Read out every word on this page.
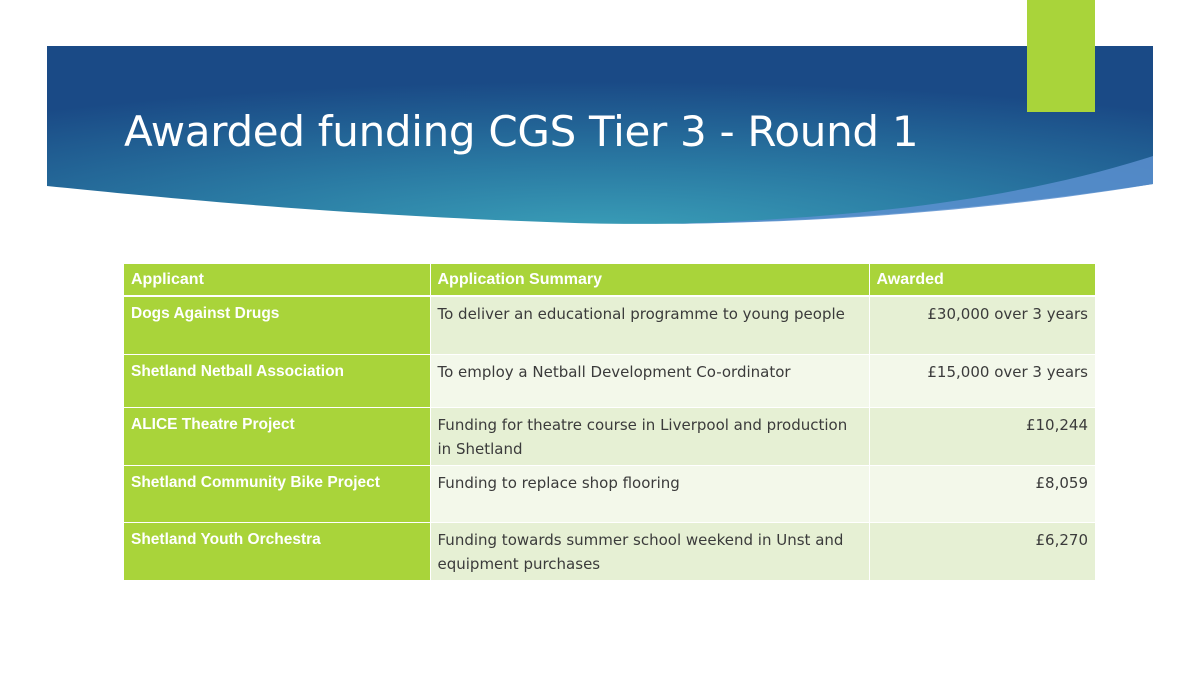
Awarded funding CGS Tier 3 - Round 1
Applicant	Application Summary	Awarded
Dogs Against Drugs	To deliver an educational programme to young people	£30,000 over 3 years
Shetland Netball Association	To employ a Netball Development Co-ordinator	£15,000 over 3 years
ALICE Theatre Project	Funding for theatre course in Liverpool and production in Shetland	£10,244
Shetland Community Bike Project	Funding to replace shop flooring	£8,059
Shetland Youth Orchestra	Funding towards summer school weekend in Unst and equipment purchases	£6,270
